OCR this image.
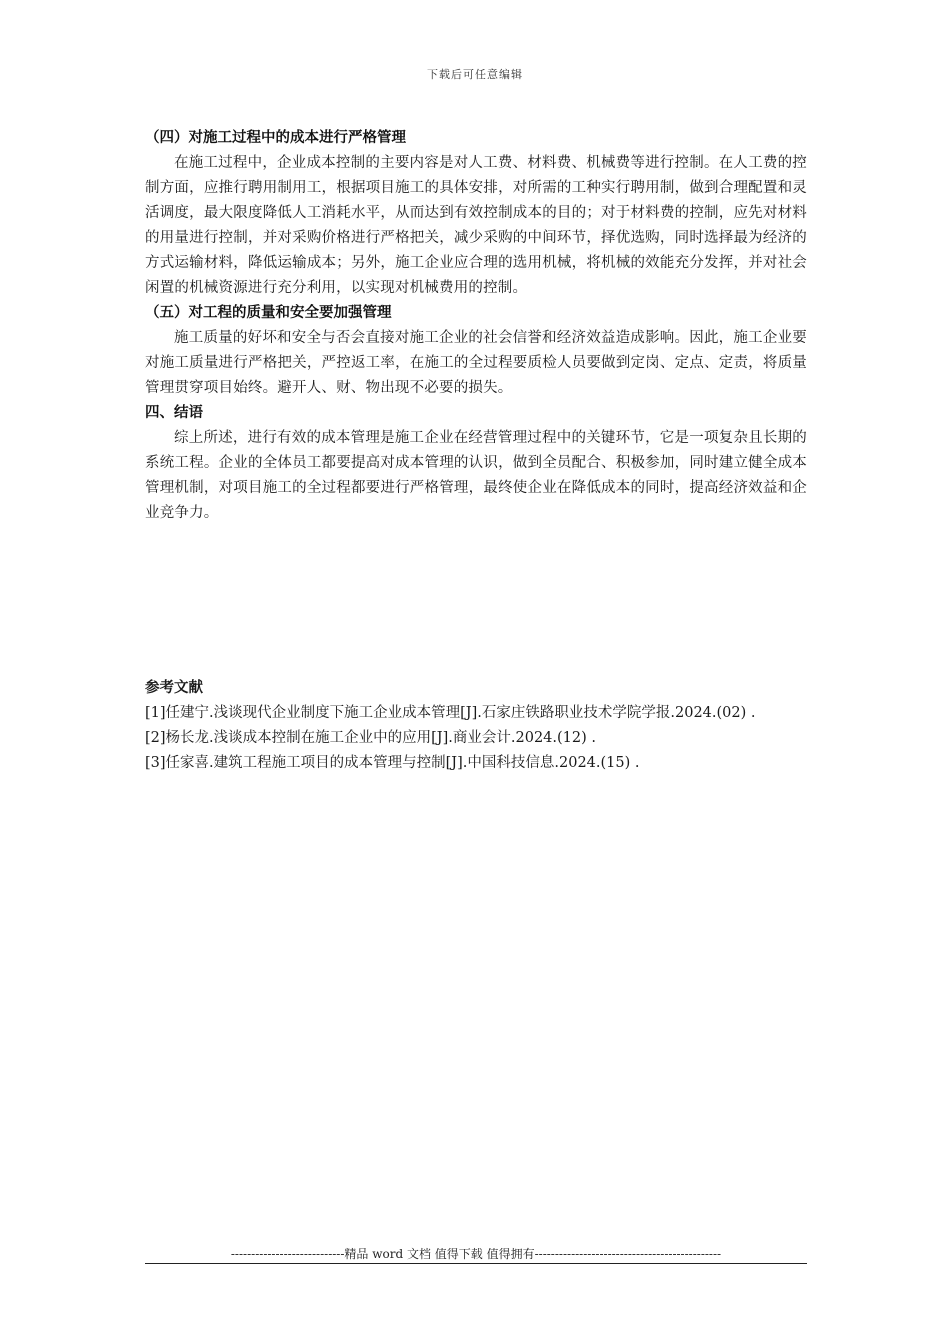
下载后可任意编辑
（四）对施工过程中的成本进行严格管理

在施工过程中，企业成本控制的主要内容是对人工费、材料费、机械费等进行控制。在人工费的控制方面，应推行聘用制用工，根据项目施工的具体安排，对所需的工种实行聘用制，做到合理配置和灵活调度，最大限度降低人工消耗水平，从而达到有效控制成本的目的；对于材料费的控制，应先对材料的用量进行控制，并对采购价格进行严格把关，减少采购的中间环节，择优选购，同时选择最为经济的方式运输材料，降低运输成本；另外，施工企业应合理的选用机械，将机械的效能充分发挥，并对社会闲置的机械资源进行充分利用，以实现对机械费用的控制。

（五）对工程的质量和安全要加强管理

施工质量的好坏和安全与否会直接对施工企业的社会信誉和经济效益造成影响。因此，施工企业要对施工质量进行严格把关，严控返工率，在施工的全过程要质检人员要做到定岗、定点、定责，将质量管理贯穿项目始终。避开人、财、物出现不必要的损失。

四、结语

综上所述，进行有效的成本管理是施工企业在经营管理过程中的关键环节，它是一项复杂且长期的系统工程。企业的全体员工都要提高对成本管理的认识，做到全员配合、积极参加，同时建立健全成本管理机制，对项目施工的全过程都要进行严格管理，最终使企业在降低成本的同时，提高经济效益和企业竞争力。

参考文献

[1]任建宁.浅谈现代企业制度下施工企业成本管理[J].石家庄铁路职业技术学院学报.2024.(02) .

[2]杨长龙.浅谈成本控制在施工企业中的应用[J].商业会计.2024.(12) .

[3]任家喜.建筑工程施工项目的成本管理与控制[J].中国科技信息.2024.(15) .

----------------------------精品 word 文档 值得下载 值得拥有----------------------------------------------
